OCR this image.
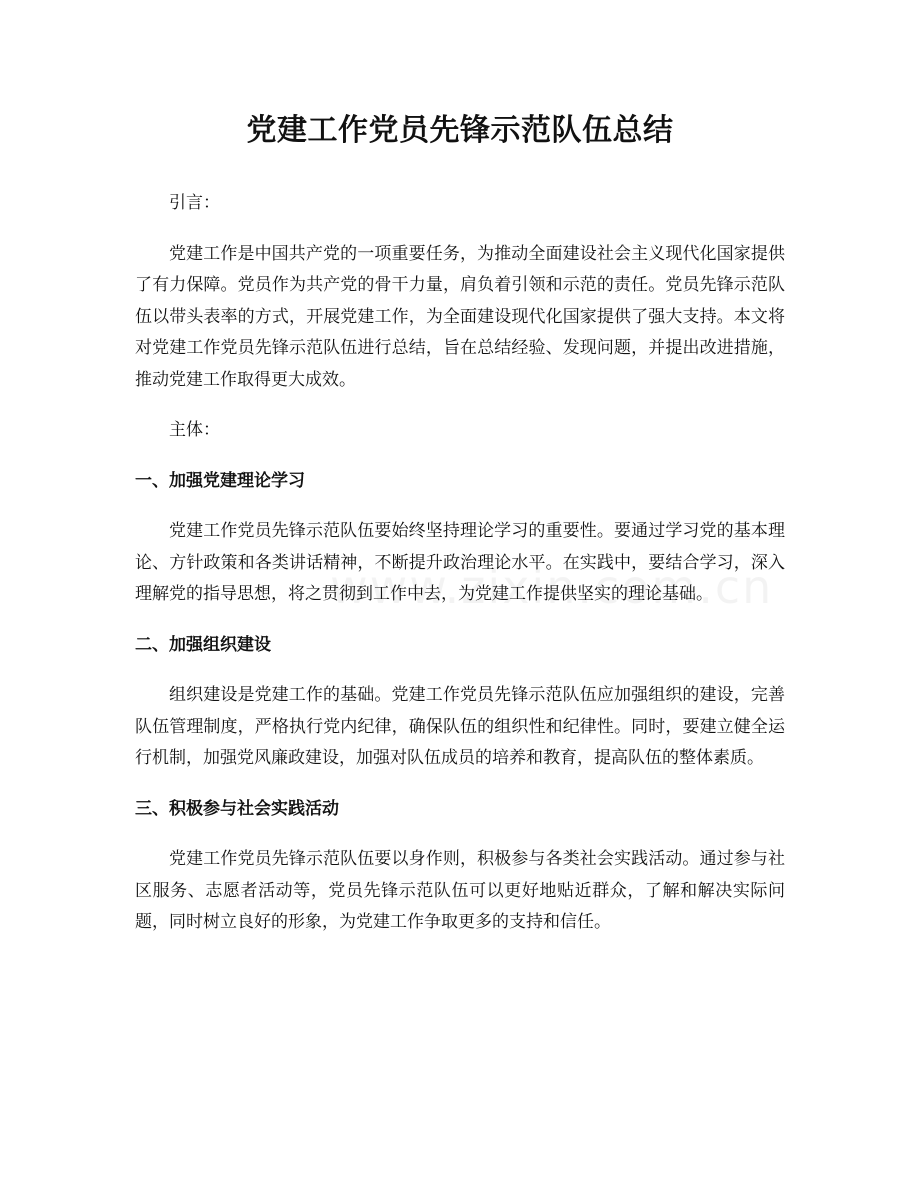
党建工作党员先锋示范队伍总结

引言：

党建工作是中国共产党的一项重要任务，为推动全面建设社会主义现代化国家提供了有力保障。党员作为共产党的骨干力量，肩负着引领和示范的责任。党员先锋示范队伍以带头表率的方式，开展党建工作，为全面建设现代化国家提供了强大支持。本文将对党建工作党员先锋示范队伍进行总结，旨在总结经验、发现问题，并提出改进措施，推动党建工作取得更大成效。

主体：

一、加强党建理论学习

党建工作党员先锋示范队伍要始终坚持理论学习的重要性。要通过学习党的基本理论、方针政策和各类讲话精神，不断提升政治理论水平。在实践中，要结合学习，深入理解党的指导思想，将之贯彻到工作中去，为党建工作提供坚实的理论基础。

二、加强组织建设

组织建设是党建工作的基础。党建工作党员先锋示范队伍应加强组织的建设，完善队伍管理制度，严格执行党内纪律，确保队伍的组织性和纪律性。同时，要建立健全运行机制，加强党风廉政建设，加强对队伍成员的培养和教育，提高队伍的整体素质。

三、积极参与社会实践活动

党建工作党员先锋示范队伍要以身作则，积极参与各类社会实践活动。通过参与社区服务、志愿者活动等，党员先锋示范队伍可以更好地贴近群众，了解和解决实际问题，同时树立良好的形象，为党建工作争取更多的支持和信任。
